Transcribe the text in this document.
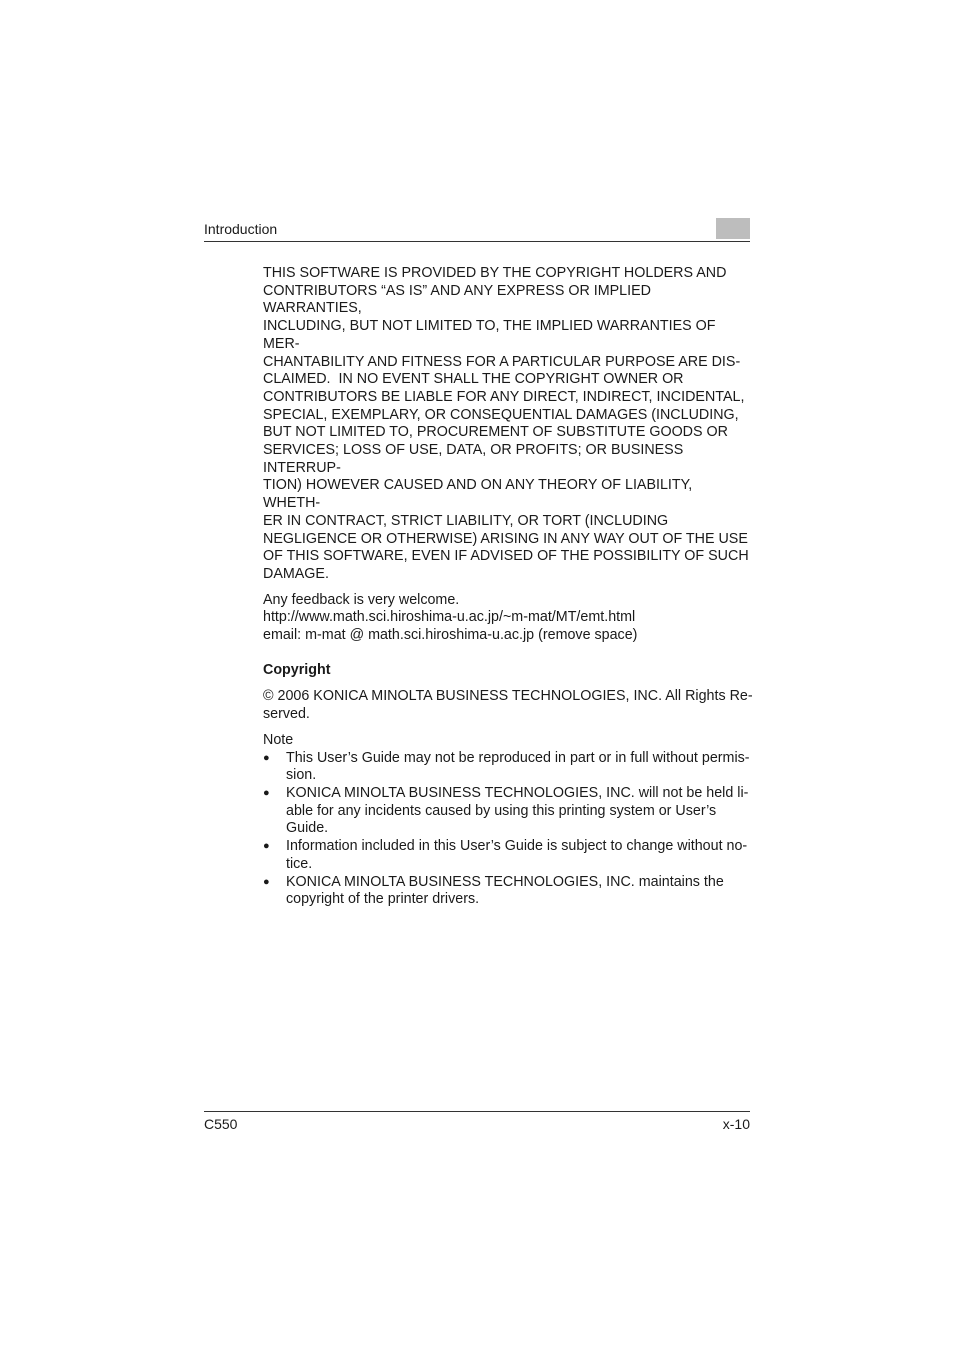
Introduction

THIS SOFTWARE IS PROVIDED BY THE COPYRIGHT HOLDERS AND
CONTRIBUTORS “AS IS” AND ANY EXPRESS OR IMPLIED WARRANTIES,
INCLUDING, BUT NOT LIMITED TO, THE IMPLIED WARRANTIES OF MER-
CHANTABILITY AND FITNESS FOR A PARTICULAR PURPOSE ARE DIS-
CLAIMED.  IN NO EVENT SHALL THE COPYRIGHT OWNER OR
CONTRIBUTORS BE LIABLE FOR ANY DIRECT, INDIRECT, INCIDENTAL,
SPECIAL, EXEMPLARY, OR CONSEQUENTIAL DAMAGES (INCLUDING,
BUT NOT LIMITED TO, PROCUREMENT OF SUBSTITUTE GOODS OR
SERVICES; LOSS OF USE, DATA, OR PROFITS; OR BUSINESS INTERRUP-
TION) HOWEVER CAUSED AND ON ANY THEORY OF LIABILITY, WHETH-
ER IN CONTRACT, STRICT LIABILITY, OR TORT (INCLUDING
NEGLIGENCE OR OTHERWISE) ARISING IN ANY WAY OUT OF THE USE
OF THIS SOFTWARE, EVEN IF ADVISED OF THE POSSIBILITY OF SUCH
DAMAGE.

Any feedback is very welcome.
http://www.math.sci.hiroshima-u.ac.jp/~m-mat/MT/emt.html
email: m-mat @ math.sci.hiroshima-u.ac.jp (remove space)

Copyright

© 2006 KONICA MINOLTA BUSINESS TECHNOLOGIES, INC. All Rights Re-
served.

Note

● This User’s Guide may not be reproduced in part or in full without permis-
sion.
● KONICA MINOLTA BUSINESS TECHNOLOGIES, INC. will not be held li-
able for any incidents caused by using this printing system or User’s
Guide.
● Information included in this User’s Guide is subject to change without no-
tice.
● KONICA MINOLTA BUSINESS TECHNOLOGIES, INC. maintains the
copyright of the printer drivers.
C550	x-10
